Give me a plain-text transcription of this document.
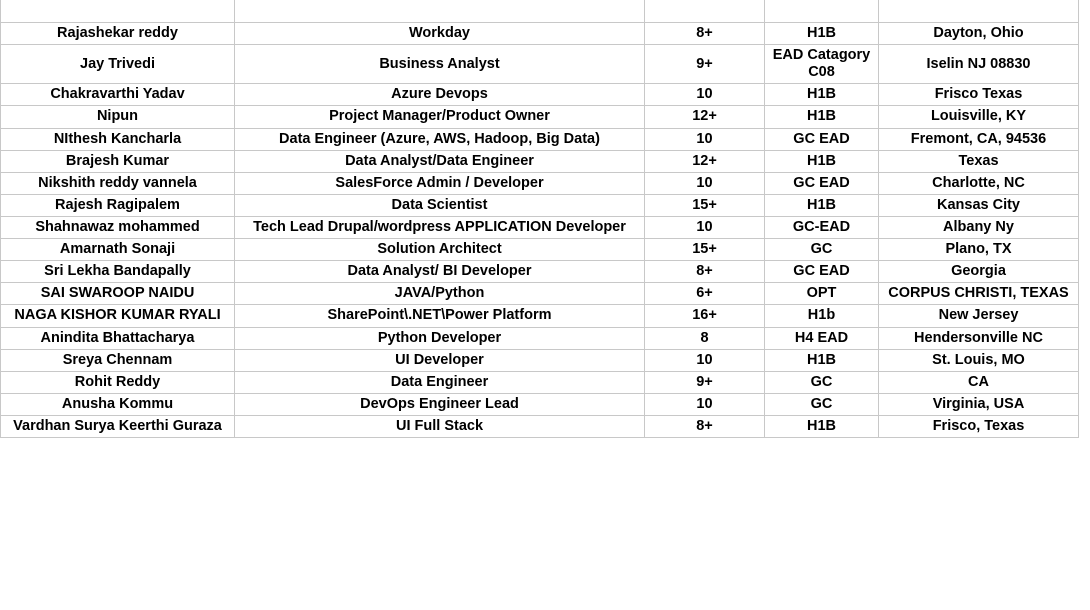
Name	Technology	experience	Visa	Location
Rajashekar reddy	Workday	8+	H1B	Dayton, Ohio
Jay Trivedi	Business Analyst	9+	EAD Catagory C08	Iselin NJ 08830
Chakravarthi Yadav	Azure Devops	10	H1B	Frisco Texas
Nipun	Project Manager/Product Owner	12+	H1B	Louisville, KY
NIthesh Kancharla	Data Engineer (Azure, AWS, Hadoop, Big Data)	10	GC EAD	Fremont, CA, 94536
Brajesh Kumar	Data Analyst/Data Engineer	12+	H1B	Texas
Nikshith reddy vannela	SalesForce Admin / Developer	10	GC EAD	Charlotte, NC
Rajesh Ragipalem	Data Scientist	15+	H1B	Kansas City
Shahnawaz mohammed	Tech Lead Drupal/wordpress APPLICATION Developer	10	GC-EAD	Albany Ny
Amarnath Sonaji	Solution Architect	15+	GC	Plano, TX
Sri Lekha Bandapally	Data Analyst/ BI Developer	8+	GC EAD	Georgia
SAI SWAROOP NAIDU	JAVA/Python	6+	OPT	CORPUS CHRISTI, TEXAS
NAGA KISHOR KUMAR RYALI	SharePoint\.NET\Power Platform	16+	H1b	New Jersey
Anindita Bhattacharya	Python Developer	8	H4 EAD	Hendersonville NC
Sreya Chennam	UI Developer	10	H1B	St. Louis, MO
Rohit Reddy	Data Engineer	9+	GC	CA
Anusha Kommu	DevOps Engineer Lead	10	GC	Virginia, USA
Vardhan Surya Keerthi Guraza	UI Full Stack	8+	H1B	Frisco, Texas
